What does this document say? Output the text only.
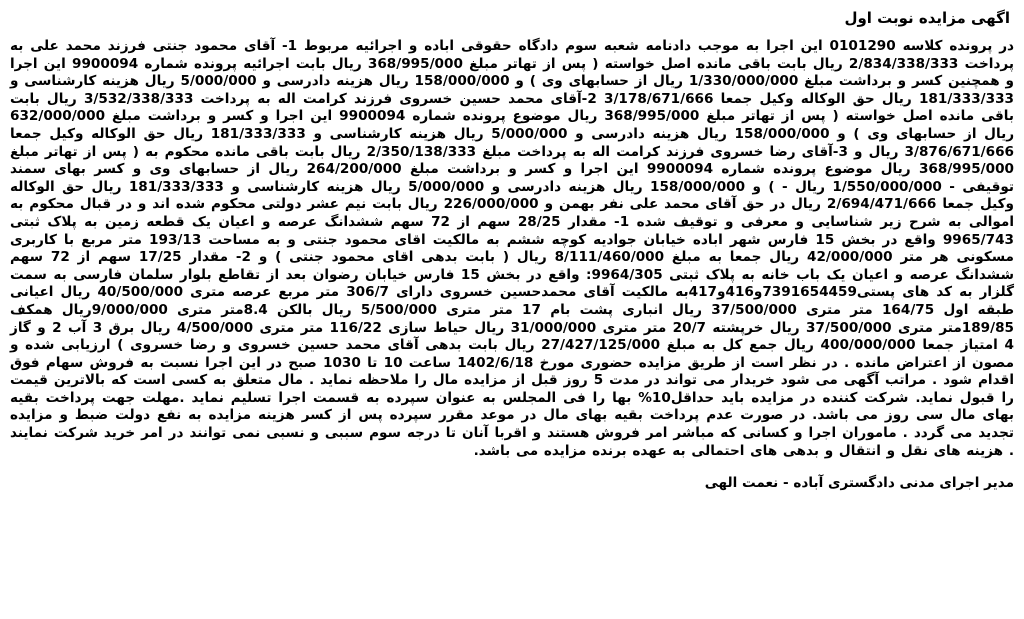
اگهی مزایده نوبت اول

در پرونده کلاسه 0101290 این اجرا به موجب دادنامه شعبه سوم دادگاه حقوقی اباده و اجرائیه مربوط 1- آقای محمود جنتی فرزند محمد علی به پرداخت 2/834/338/333 ریال بابت باقی مانده اصل خواسته ( پس از تهاتر مبلغ 368/995/000 ریال بابت اجرائیه پرونده شماره 9900094 این اجرا و همچنین کسر و برداشت مبلغ 1/330/000/000 ریال از حسابهای وی ) و 158/000/000 ریال هزینه دادرسی و 5/000/000 ریال هزینه کارشناسی و 181/333/333 ریال حق الوکاله وکیل جمعا 3/178/671/666 2-آقای محمد حسین خسروی فرزند کرامت اله به پرداخت 3/532/338/333 ریال بابت باقی مانده اصل خواسته ( پس از تهاتر مبلغ 368/995/000 ریال موضوع پرونده شماره 9900094 این اجرا و کسر و برداشت مبلغ 632/000/000 ریال از حسابهای وی ) و 158/000/000 ریال هزینه دادرسی و 5/000/000 ریال هزینه کارشناسی و 181/333/333 ریال حق الوکاله وکیل جمعا 3/876/671/666 ریال و 3-آقای رضا خسروی فرزند کرامت اله به پرداخت مبلغ 2/350/138/333 ریال بابت باقی مانده محکوم به ( پس از تهاتر مبلغ 368/995/000 ریال موضوع پرونده شماره 9900094 این اجرا و کسر و برداشت مبلغ 264/200/000 ریال از حسابهای وی و کسر بهای سمند توقیفی - 1/550/000/000 ریال - ) و 158/000/000 ریال هزینه دادرسی و 5/000/000 ریال هزینه کارشناسی و 181/333/333 ریال حق الوکاله وکیل جمعا 2/694/471/666 ریال در حق آقای محمد علی نفر بهمن و 226/000/000 ریال بابت نیم عشر دولتی محکوم شده اند و در قبال محکوم به اموالی به شرح زیر شناسایی و معرفی و توقیف شده 1- مقدار 28/25 سهم از 72 سهم ششدانگ عرصه و اعیان یک قطعه زمین به پلاک ثبتی 9965/743 واقع در بخش 15 فارس شهر اباده خیابان جوادیه کوچه ششم به مالکیت اقای محمود جنتی و به مساحت 193/13 متر مربع با کاربری مسکونی هر متر 42/000/000 ریال جمعا به مبلغ 8/111/460/000 ریال ( بابت بدهی اقای محمود جنتی ) و 2- مقدار 17/25 سهم از 72 سهم ششدانگ عرصه و اعیان یک باب خانه به پلاک ثبتی 9964/305: واقع در بخش 15 فارس خیابان رضوان بعد از تقاطع بلوار سلمان فارسی به سمت گلزار به کد های پستی7391654459و416و417به مالکیت آقای محمدحسین خسروی دارای 306/7 متر مربع عرصه متری 40/500/000 ریال اعیانی طبقه اول 164/75 متر متری 37/500/000 ریال انباری پشت بام 17 متر متری 5/500/000 ریال بالکن 8.4متر متری 9/000/000ریال همکف 189/85متر متری 37/500/000 ریال خرپشته 20/7 متر متری 31/000/000 ریال حیاط سازی 116/22 متر متری 4/500/000 ریال برق 3 آب 2 و گاز 4 امتیاز جمعا 400/000/000 ریال جمع کل به مبلغ 27/427/125/000 ریال بابت بدهی آقای محمد حسین خسروی و رضا خسروی ) ارزیابی شده و مصون از اعتراض مانده . در نظر است از طریق مزایده حضوری مورخ 1402/6/18 ساعت 10 تا 1030 صبح در این اجرا نسبت به فروش سهام فوق اقدام شود . مراتب آگهی می شود خریدار می تواند در مدت 5 روز قبل از مزایده مال را ملاحظه نماید . مال متعلق به کسی است که بالاترین قیمت را قبول نماید. شرکت کننده در مزایده باید حداقل10% بها را فی المجلس به عنوان سپرده به قسمت اجرا تسلیم نماید .مهلت جهت پرداخت بقیه بهای مال سی روز می باشد. در صورت عدم پرداخت بقیه بهای مال در موعد مقرر سپرده پس از کسر هزینه مزایده به نفع دولت ضبط و مزایده تجدید می گردد . ماموران اجرا و کسانی که مباشر امر فروش هستند و اقربا آنان تا درجه سوم سببی و نسبی نمی توانند در امر خرید شرکت نمایند . هزینه های نقل و انتقال و بدهی های احتمالی به عهده برنده مزایده می باشد.

مدیر اجرای مدنی دادگستری آباده - نعمت الهی
